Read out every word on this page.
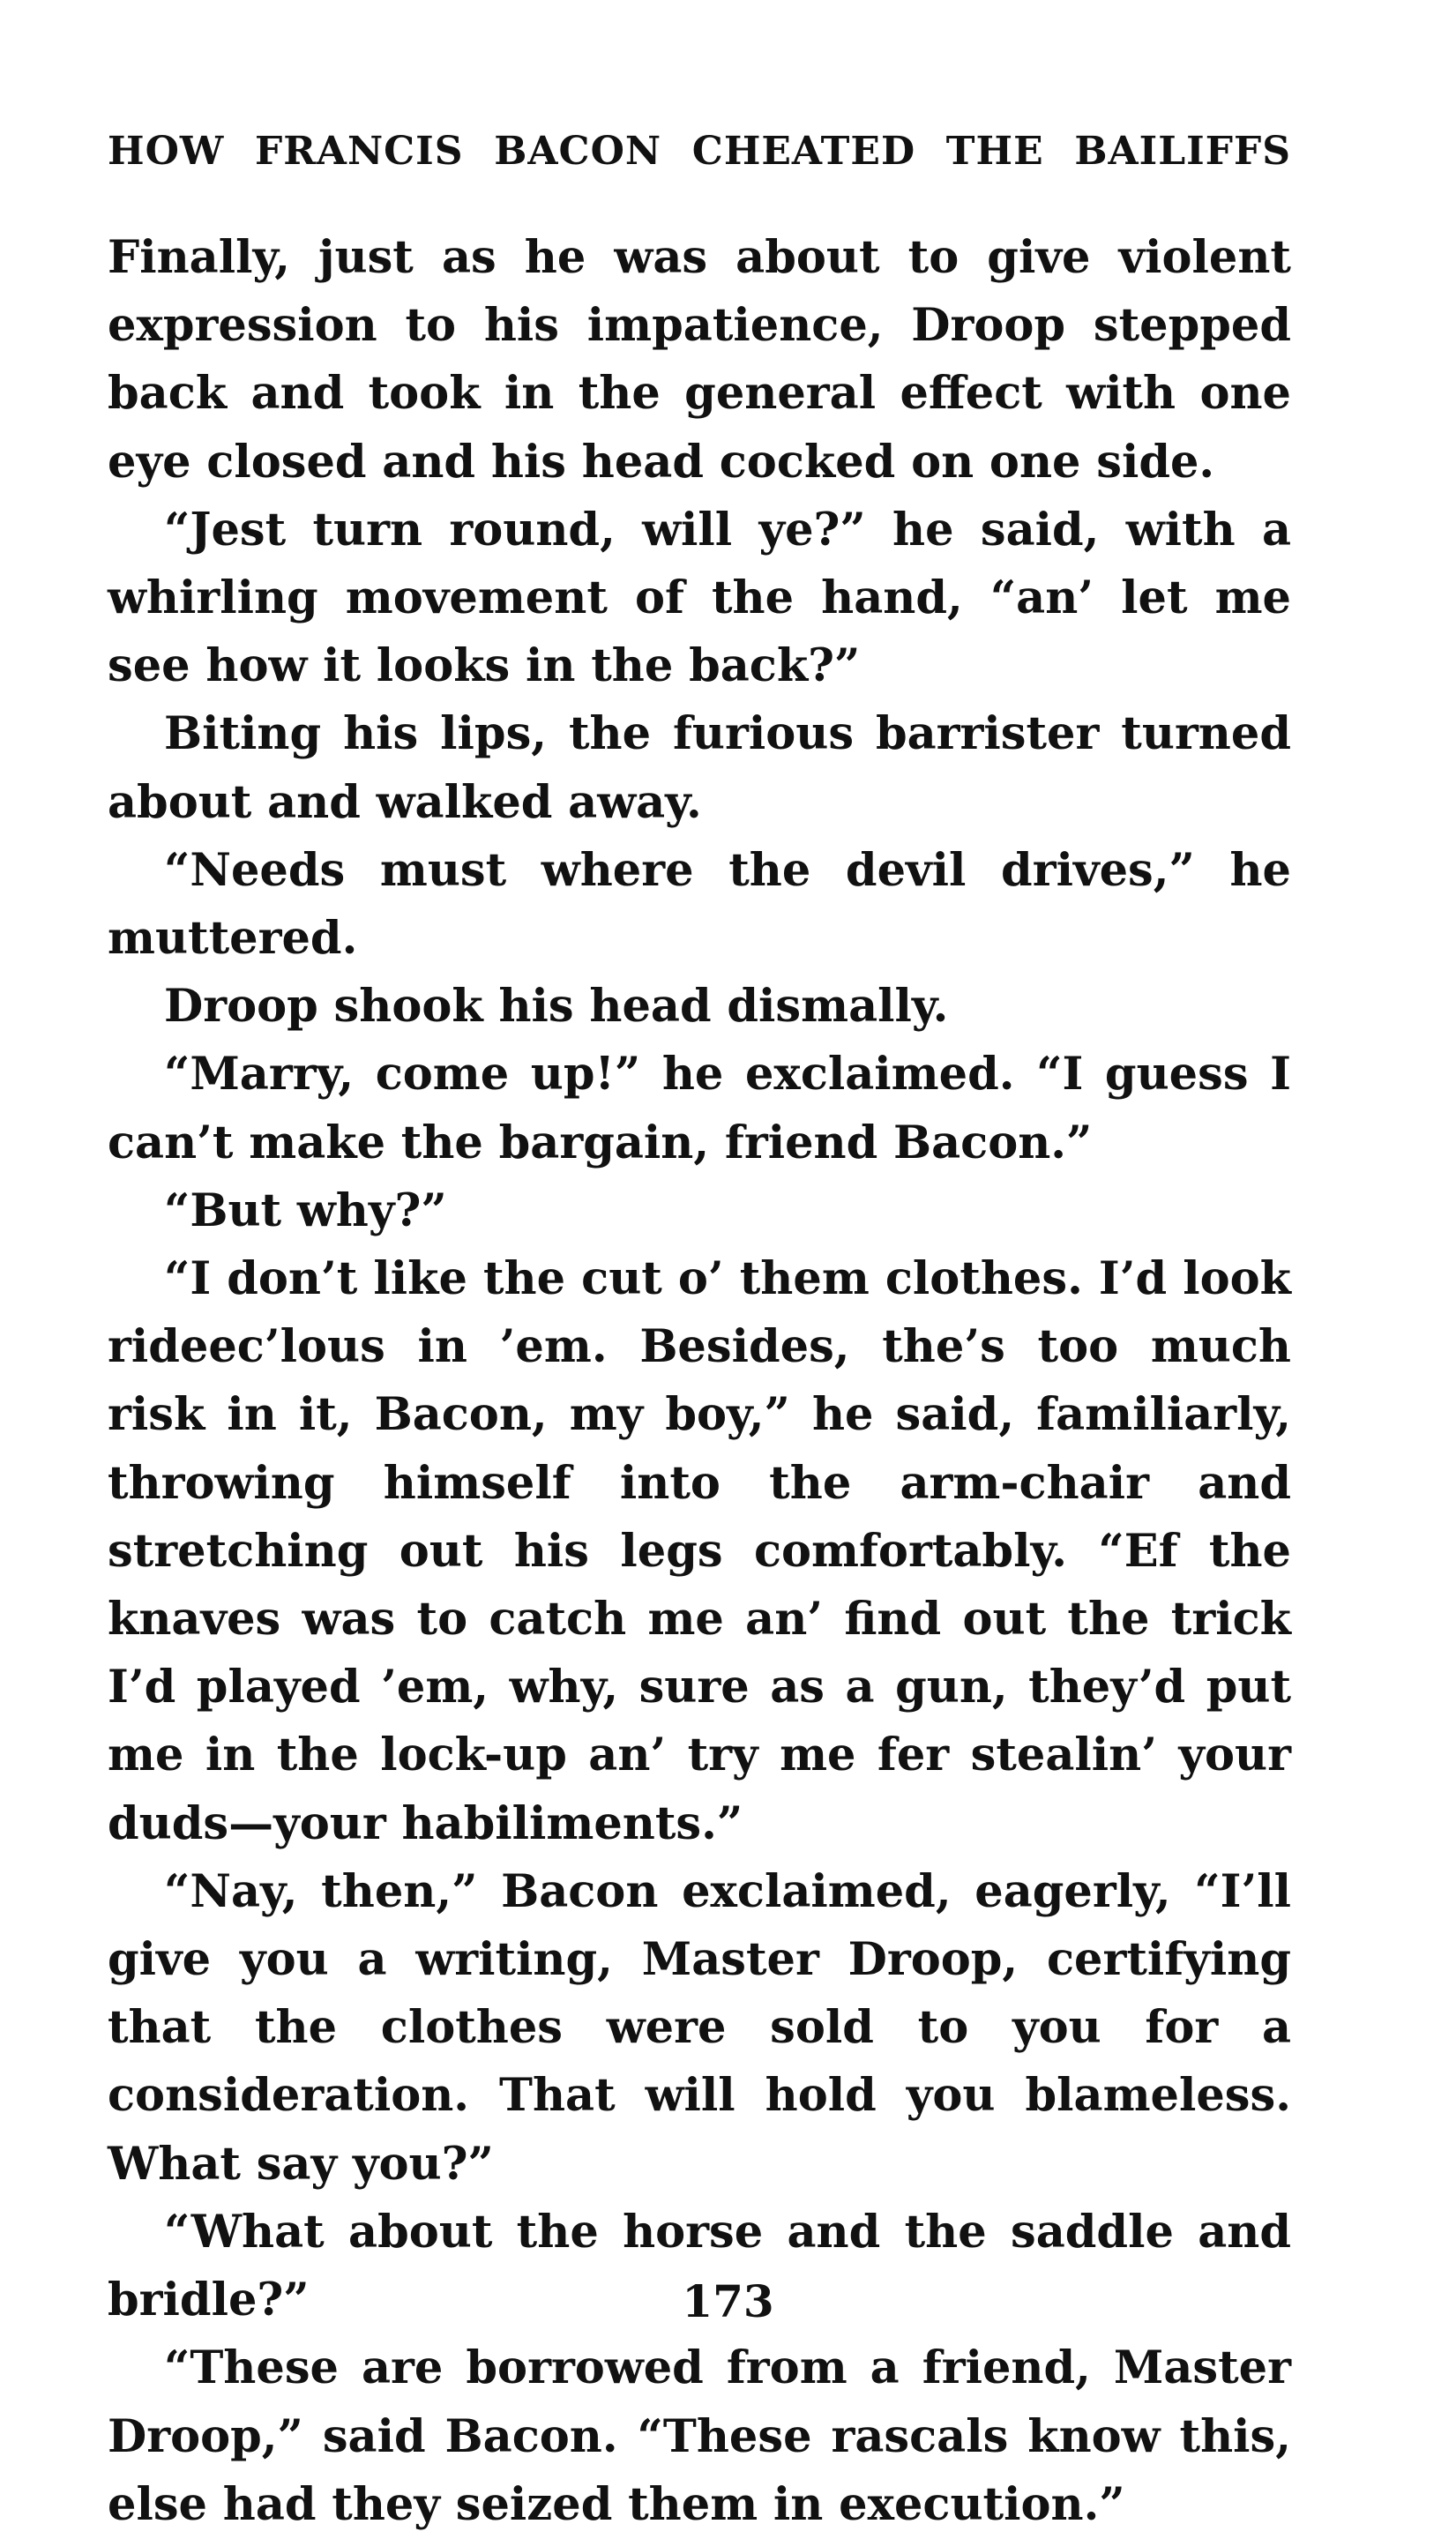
HOW FRANCIS BACON CHEATED THE BAILIFFS

Finally, just as he was about to give violent expression to his impatience, Droop stepped back and took in the general effect with one eye closed and his head cocked on one side.

“Jest turn round, will ye?” he said, with a whirling movement of the hand, “an’ let me see how it looks in the back?”

Biting his lips, the furious barrister turned about and walked away.

“Needs must where the devil drives,” he muttered.

Droop shook his head dismally.

“Marry, come up!” he exclaimed. “I guess I can’t make the bargain, friend Bacon.”

“But why?”

“I don’t like the cut o’ them clothes. I’d look rideec’lous in ’em. Besides, the’s too much risk in it, Bacon, my boy,” he said, familiarly, throwing himself into the arm-chair and stretching out his legs comfortably. “Ef the knaves was to catch me an’ find out the trick I’d played ’em, why, sure as a gun, they’d put me in the lock-up an’ try me fer stealin’ your duds—your habiliments.”

“Nay, then,” Bacon exclaimed, eagerly, “I’ll give you a writing, Master Droop, certifying that the clothes were sold to you for a consideration. That will hold you blameless. What say you?”

“What about the horse and the saddle and bridle?”

“These are borrowed from a friend, Master Droop,” said Bacon. “These rascals know this, else had they seized them in execution.”

173
